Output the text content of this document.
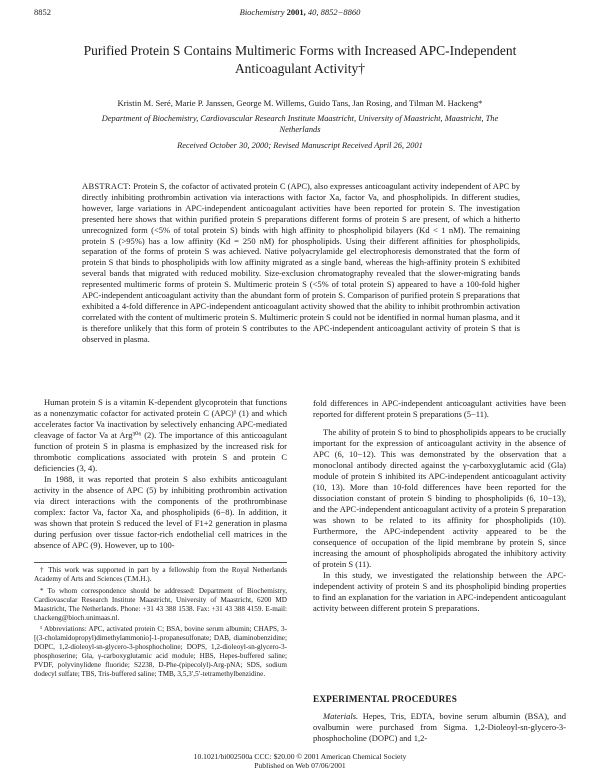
8852	Biochemistry 2001, 40, 8852−8860
Purified Protein S Contains Multimeric Forms with Increased APC-Independent Anticoagulant Activity†
Kristin M. Seré, Marie P. Janssen, George M. Willems, Guido Tans, Jan Rosing, and Tilman M. Hackeng*
Department of Biochemistry, Cardiovascular Research Institute Maastricht, University of Maastricht, Maastricht, The Netherlands
Received October 30, 2000; Revised Manuscript Received April 26, 2001
ABSTRACT: Protein S, the cofactor of activated protein C (APC), also expresses anticoagulant activity independent of APC by directly inhibiting prothrombin activation via interactions with factor Xa, factor Va, and phospholipids. In different studies, however, large variations in APC-independent anticoagulant activities have been reported for protein S. The investigation presented here shows that within purified protein S preparations different forms of protein S are present, of which a hitherto unrecognized form (<5% of total protein S) binds with high affinity to phospholipid bilayers (Kd < 1 nM). The remaining protein S (>95%) has a low affinity (Kd = 250 nM) for phospholipids. Using their different affinities for phospholipids, separation of the forms of protein S was achieved. Native polyacrylamide gel electrophoresis demonstrated that the form of protein S that binds to phospholipids with low affinity migrated as a single band, whereas the high-affinity protein S exhibited several bands that migrated with reduced mobility. Size-exclusion chromatography revealed that the slower-migrating bands represented multimeric forms of protein S. Multimeric protein S (<5% of total protein S) appeared to have a 100-fold higher APC-independent anticoagulant activity than the abundant form of protein S. Comparison of purified protein S preparations that exhibited a 4-fold difference in APC-independent anticoagulant activity showed that the ability to inhibit prothrombin activation correlated with the content of multimeric protein S. Multimeric protein S could not be identified in normal human plasma, and it is therefore unlikely that this form of protein S contributes to the APC-independent anticoagulant activity of protein S that is observed in plasma.

Human protein S is a vitamin K-dependent glycoprotein that functions as a nonenzymatic cofactor for activated protein C (APC)¹ (1) and which accelerates factor Va inactivation by selectively enhancing APC-mediated cleavage of factor Va at Arg³⁰⁶ (2). The importance of this anticoagulant function of protein S in plasma is emphasized by the increased risk for thrombotic complications associated with protein S and protein C deficiencies (3, 4).

In 1988, it was reported that protein S also exhibits anticoagulant activity in the absence of APC (5) by inhibiting prothrombin activation via direct interactions with the components of the prothrombinase complex: factor Va, factor Xa, and phospholipids (6−8). In addition, it was shown that protein S reduced the level of F1+2 generation in plasma during perfusion over tissue factor-rich endothelial cell matrices in the absence of APC (9). However, up to 100-

† This work was supported in part by a fellowship from the Royal Netherlands Academy of Arts and Sciences (T.M.H.).

* To whom correspondence should be addressed: Department of Biochemistry, Cardiovascular Research Institute Maastricht, University of Maastricht, 6200 MD Maastricht, The Netherlands. Phone: +31 43 388 1538. Fax: +31 43 388 4159. E-mail: t.hackeng@bioch.unimaas.nl.

¹ Abbreviations: APC, activated protein C; BSA, bovine serum albumin; CHAPS, 3-[(3-cholamidopropyl)dimethylammonio]-1-propanesulfonate; DAB, diaminobenzidine; DOPC, 1,2-dioleoyl-sn-glycero-3-phosphocholine; DOPS, 1,2-dioleoyl-sn-glycero-3-phosphoserine; Gla, γ-carboxyglutamic acid module; HBS, Hepes-buffered saline; PVDF, polyvinylidene fluoride; S2238, D-Phe-(pipecolyl)-Arg-pNA; SDS, sodium dodecyl sulfate; TBS, Tris-buffered saline; TMB, 3,5,3′,5′-tetramethylbenzidine.

fold differences in APC-independent anticoagulant activities have been reported for different protein S preparations (5−11).

The ability of protein S to bind to phospholipids appears to be crucially important for the expression of anticoagulant activity in the absence of APC (6, 10−12). This was demonstrated by the observation that a monoclonal antibody directed against the γ-carboxyglutamic acid (Gla) module of protein S inhibited its APC-independent anticoagulant activity (10, 13). More than 10-fold differences have been reported for the dissociation constant of protein S binding to phospholipids (6, 10−13), and the APC-independent anticoagulant activity of a protein S preparation was shown to be related to its affinity for phospholipids (10). Furthermore, the APC-independent activity appeared to be the consequence of occupation of the lipid membrane by protein S, since increasing the amount of phospholipids abrogated the inhibitory activity of protein S (11).

In this study, we investigated the relationship between the APC-independent activity of protein S and its phospholipid binding properties to find an explanation for the variation in APC-independent anticoagulant activity between different protein S preparations.

EXPERIMENTAL PROCEDURES

Materials. Hepes, Tris, EDTA, bovine serum albumin (BSA), and ovalbumin were purchased from Sigma. 1,2-Dioleoyl-sn-glycero-3-phosphocholine (DOPC) and 1,2-

10.1021/bi002500a CCC: $20.00 © 2001 American Chemical Society
Published on Web 07/06/2001
